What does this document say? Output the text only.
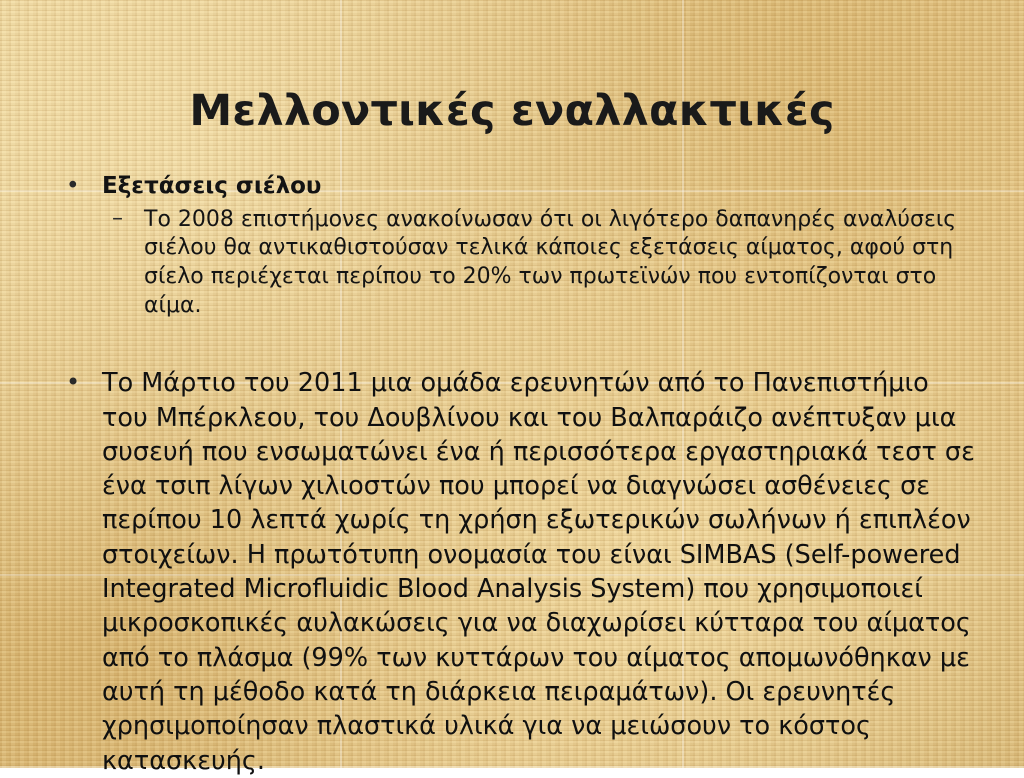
Μελλοντικές εναλλακτικές
• Εξετάσεις σιέλου
– Το 2008 επιστήμονες ανακοίνωσαν ότι οι λιγότερο δαπανηρές αναλύσεις σιέλου θα αντικαθιστούσαν τελικά κάποιες εξετάσεις αίματος, αφού στη σίελο περιέχεται περίπου το 20% των πρωτεϊνών που εντοπίζονται στο αίμα.
• Το Μάρτιο του 2011 μια ομάδα ερευνητών από το Πανεπιστήμιο του Μπέρκλεου, του Δουβλίνου και του Βαλπαράιζο ανέπτυξαν μια συσευή που ενσωματώνει ένα ή περισσότερα εργαστηριακά τεστ σε ένα τσιπ λίγων χιλιοστών που μπορεί να διαγνώσει ασθένειες σε περίπου 10 λεπτά χωρίς τη χρήση εξωτερικών σωλήνων ή επιπλέον στοιχείων. Η πρωτότυπη ονομασία του είναι SIMBAS (Self-powered Integrated Microfluidic Blood Analysis System) που χρησιμοποιεί μικροσκοπικές αυλακώσεις για να διαχωρίσει κύτταρα του αίματος από το πλάσμα (99% των κυττάρων του αίματος απομωνόθηκαν με αυτή τη μέθοδο κατά τη διάρκεια πειραμάτων). Οι ερευνητές χρησιμοποίησαν πλαστικά υλικά για να μειώσουν το κόστος κατασκευής.
